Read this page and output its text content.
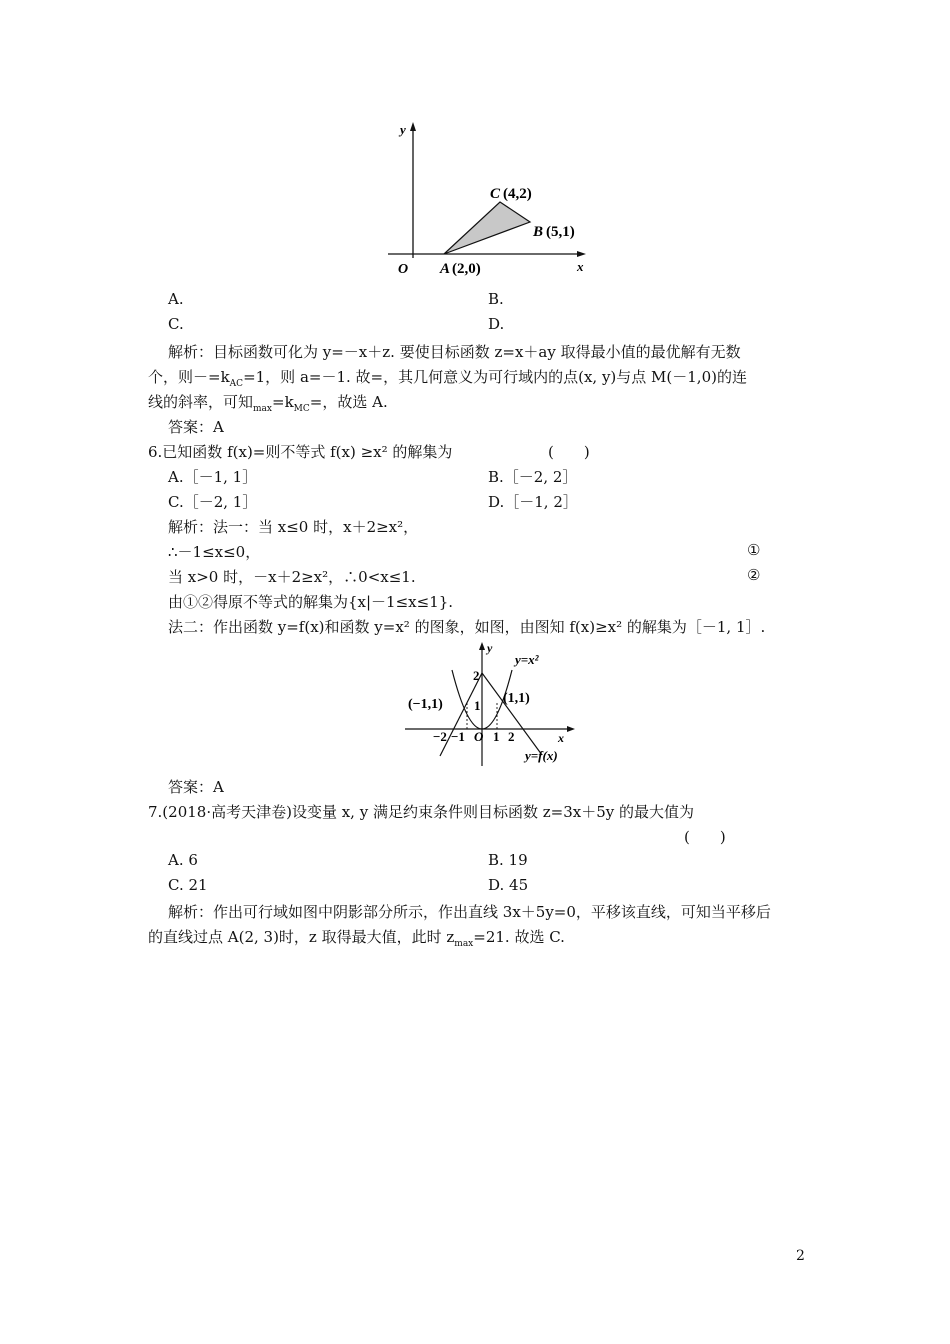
y
x
O A (2,0)
C (4,2)
B (5,1)
A.	B.
C.	D.
解析：目标函数可化为 y=－x＋z. 要使目标函数 z=x＋ay 取得最小值的最优解有无数
个，则$-=k_{AC}=1$，则 a=－1. 故=，其几何意义为可行域内的点(x, y)与点 M(－1,0)的连
线的斜率，可知$_{max}=k_{MC}=$，故选 A.
答案：A
6.已知函数 f(x)=则不等式 f(x) ≥x² 的解集为	(　　)
A.［－1, 1］	B.［－2, 2］
C.［－2, 1］	D.［－1, 2］
解析：法一：当 x≤0 时，x＋2≥x²，
∴－1≤x≤0，	①
当 x>0 时，－x＋2≥x²，∴0<x≤1.	②
由①②得原不等式的解集为{x|－1≤x≤1}.
法二：作出函数 y=f(x)和函数 y=x² 的图象，如图，由图知 f(x)≥x² 的解集为［－1, 1］.
y
x
y=x²
y=f(x)
(−1,1)	(1,1)
2
1
O
−2 −1 1 2
答案：A
7.(2018·高考天津卷)设变量 x, y 满足约束条件则目标函数 z=3x＋5y 的最大值为
(　　)
A. 6	B. 19
C. 21	D. 45
解析：作出可行域如图中阴影部分所示，作出直线 3x＋5y=0，平移该直线，可知当平移后
的直线过点 A(2, 3)时，z 取得最大值，此时 $z_{max}=21$. 故选 C.
2
